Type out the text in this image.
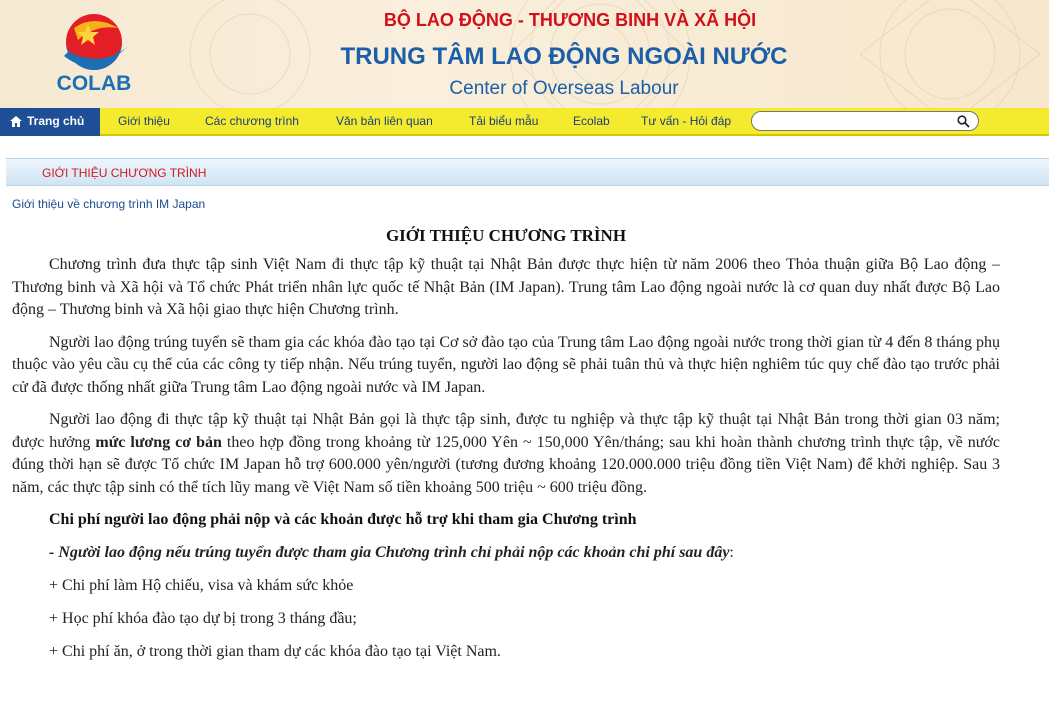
COLAB
BỘ LAO ĐỘNG - THƯƠNG BINH VÀ XÃ HỘI
TRUNG TÂM LAO ĐỘNG NGOÀI NƯỚC
Center of Overseas Labour
Trang chủ	Giới thiệu	Các chương trình	Văn bản liên quan	Tải biểu mẫu	Ecolab	Tư vấn - Hỏi đáp
GIỚI THIỆU CHƯƠNG TRÌNH
Giới thiệu về chương trình IM Japan
GIỚI THIỆU CHƯƠNG TRÌNH

Chương trình đưa thực tập sinh Việt Nam đi thực tập kỹ thuật tại Nhật Bản được thực hiện từ năm 2006 theo Thỏa thuận giữa Bộ Lao động – Thương binh và Xã hội và Tổ chức Phát triển nhân lực quốc tế Nhật Bản (IM Japan). Trung tâm Lao động ngoài nước là cơ quan duy nhất được Bộ Lao động – Thương binh và Xã hội giao thực hiện Chương trình.

Người lao động trúng tuyển sẽ tham gia các khóa đào tạo tại Cơ sở đào tạo của Trung tâm Lao động ngoài nước trong thời gian từ 4 đến 8 tháng phụ thuộc vào yêu cầu cụ thể của các công ty tiếp nhận. Nếu trúng tuyển, người lao động sẽ phải tuân thủ và thực hiện nghiêm túc quy chế đào tạo trước phải cử đã được thống nhất giữa Trung tâm Lao động ngoài nước và IM Japan.

Người lao động đi thực tập kỹ thuật tại Nhật Bản gọi là thực tập sinh, được tu nghiệp và thực tập kỹ thuật tại Nhật Bản trong thời gian 03 năm; được hưởng mức lương cơ bản theo hợp đồng trong khoảng từ 125,000 Yên ~ 150,000 Yên/tháng; sau khi hoàn thành chương trình thực tập, về nước đúng thời hạn sẽ được Tổ chức IM Japan hỗ trợ 600.000 yên/người (tương đương khoảng 120.000.000 triệu đồng tiền Việt Nam) để khởi nghiệp. Sau 3 năm, các thực tập sinh có thể tích lũy mang về Việt Nam số tiền khoảng 500 triệu ~ 600 triệu đồng.

Chi phí người lao động phải nộp và các khoản được hỗ trợ khi tham gia Chương trình
- Người lao động nếu trúng tuyển được tham gia Chương trình chỉ phải nộp các khoản chi phí sau đây:
+ Chi phí làm Hộ chiếu, visa và khám sức khỏe
+ Học phí khóa đào tạo dự bị trong 3 tháng đầu;
+ Chi phí ăn, ở trong thời gian tham dự các khóa đào tạo tại Việt Nam.
